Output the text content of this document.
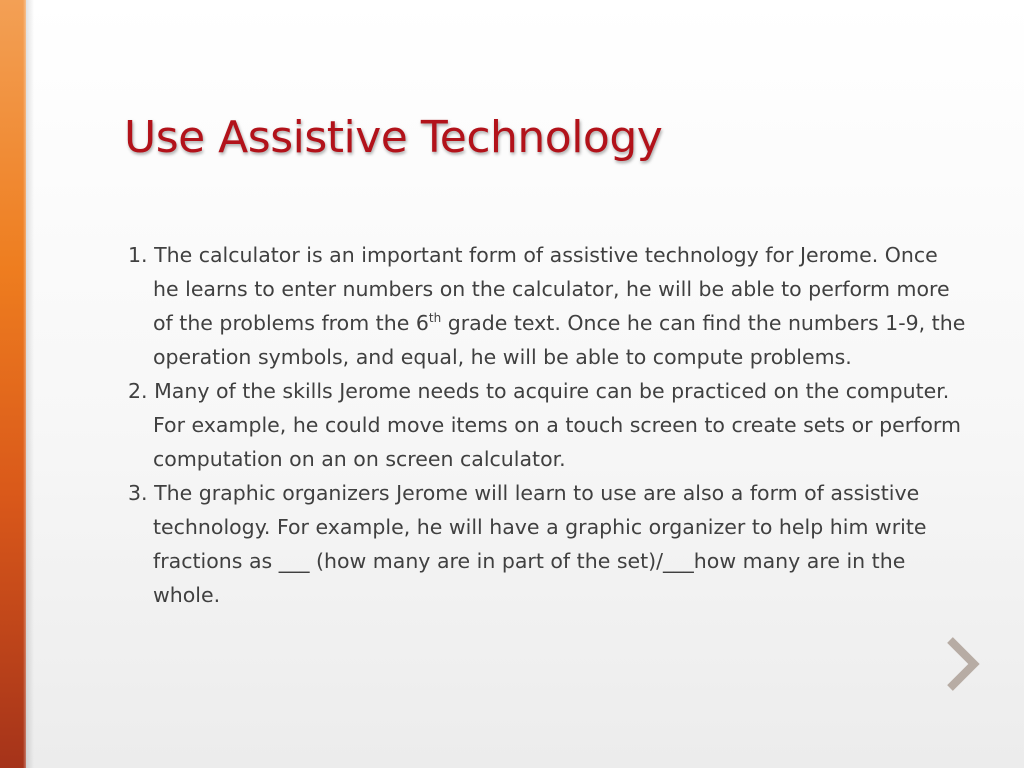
Use Assistive Technology
1. The calculator is an important form of assistive technology for Jerome. Once he learns to enter numbers on the calculator, he will be able to perform more of the problems from the 6th grade text. Once he can find the numbers 1-9, the operation symbols, and equal, he will be able to compute problems.
2. Many of the skills Jerome needs to acquire can be practiced on the computer. For example, he could move items on a touch screen to create sets or perform computation on an on screen calculator.
3. The graphic organizers Jerome will learn to use are also a form of assistive technology. For example, he will have a graphic organizer to help him write fractions as ___ (how many are in part of the set)/___how many are in the whole.
